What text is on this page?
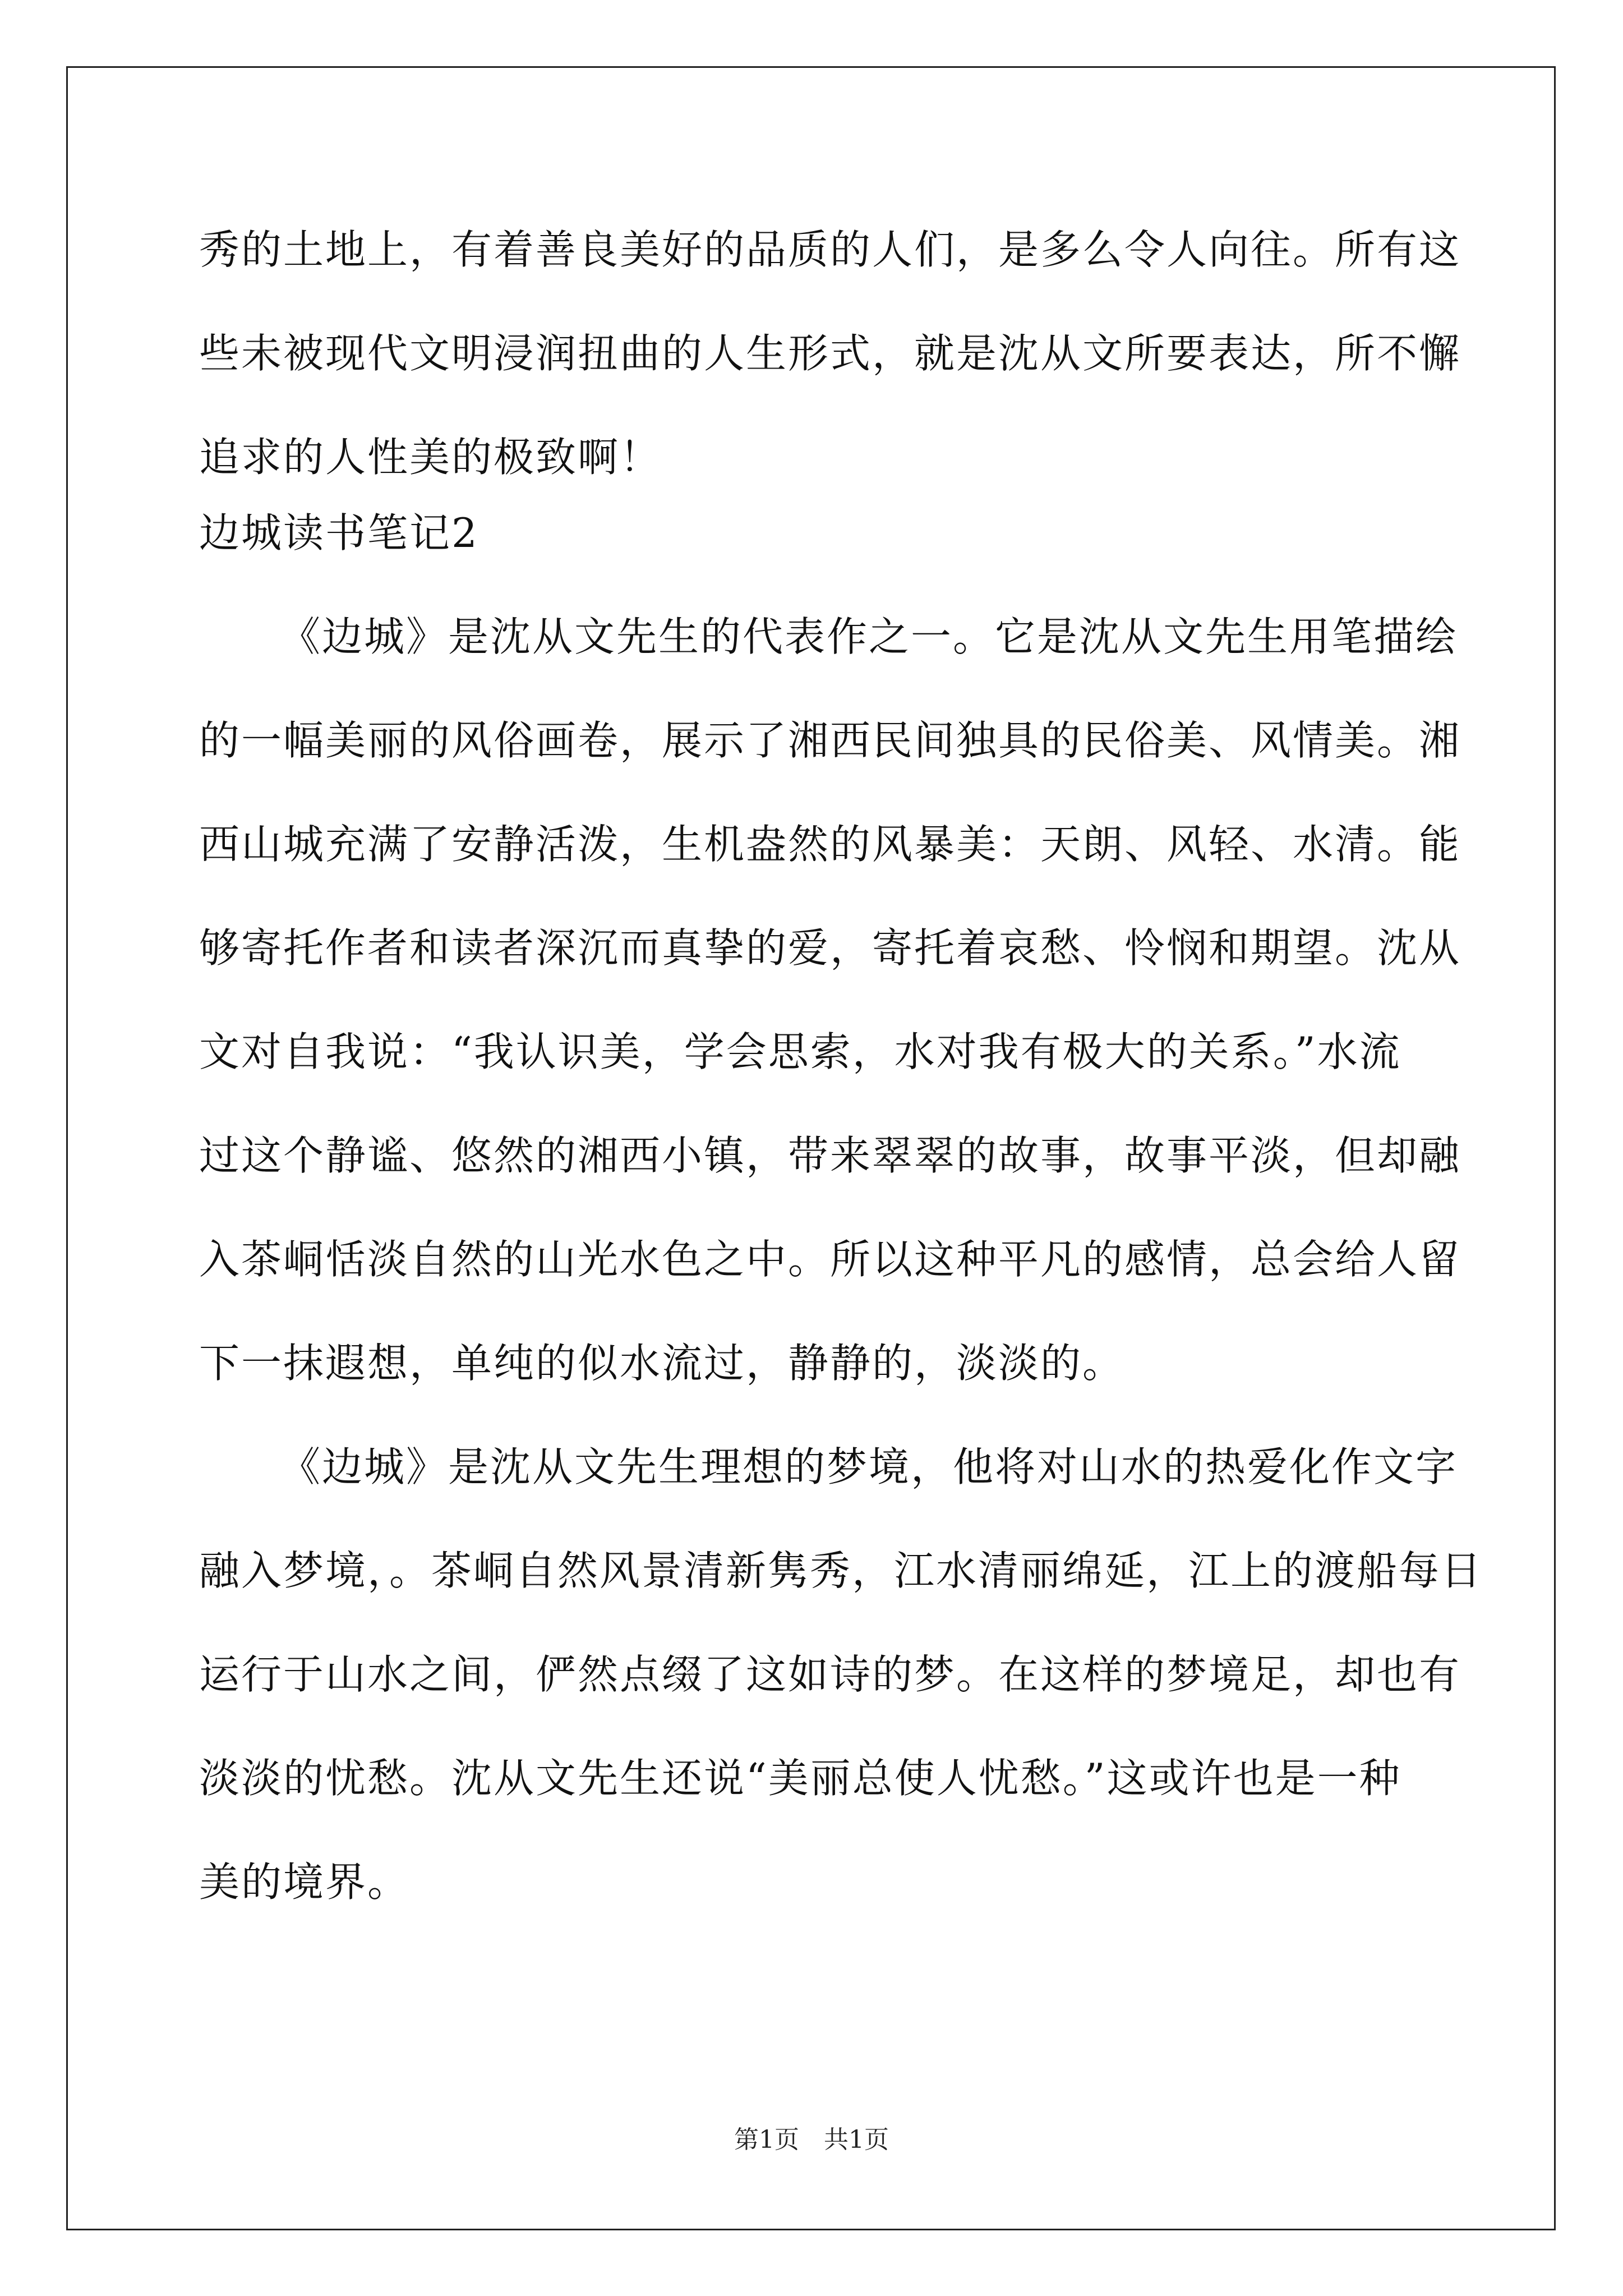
秀的土地上，有着善良美好的品质的人们，是多么令人向往。所有这
些未被现代文明浸润扭曲的人生形式，就是沈从文所要表达，所不懈
追求的人性美的极致啊！
边城读书笔记2
《边城》是沈从文先生的代表作之一。它是沈从文先生用笔描绘
的一幅美丽的风俗画卷，展示了湘西民间独具的民俗美、风情美。湘
西山城充满了安静活泼，生机盎然的风暴美：天朗、风轻、水清。能
够寄托作者和读者深沉而真挚的爱，寄托着哀愁、怜悯和期望。沈从
文对自我说：“我认识美，学会思索，水对我有极大的关系。”水流
过这个静谧、悠然的湘西小镇，带来翠翠的故事，故事平淡，但却融
入茶峒恬淡自然的山光水色之中。所以这种平凡的感情，总会给人留
下一抹遐想，单纯的似水流过，静静的，淡淡的。
《边城》是沈从文先生理想的梦境，他将对山水的热爱化作文字
融入梦境，。茶峒自然风景清新隽秀，江水清丽绵延，江上的渡船每日
运行于山水之间，俨然点缀了这如诗的梦。在这样的梦境足，却也有
淡淡的忧愁。沈从文先生还说“美丽总使人忧愁。”这或许也是一种
美的境界。
第1页　共1页
